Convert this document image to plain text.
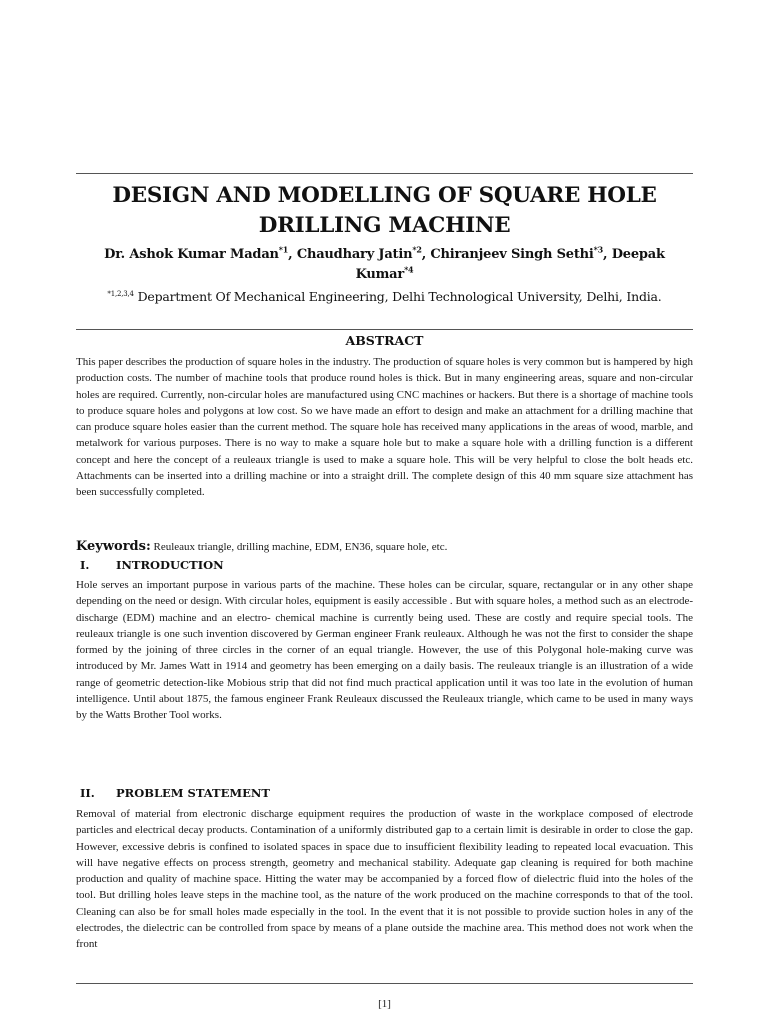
DESIGN AND MODELLING OF SQUARE HOLE DRILLING MACHINE
Dr. Ashok Kumar Madan$^{*1}$, Chaudhary Jatin$^{*2}$, Chiranjeev Singh Sethi$^{*3}$, Deepak Kumar$^{*4}$
$^{*1,2,3,4}$ Department Of Mechanical Engineering, Delhi Technological University, Delhi, India.
ABSTRACT
This paper describes the production of square holes in the industry. The production of square holes is very common but is hampered by high production costs. The number of machine tools that produce round holes is thick. But in many engineering areas, square and non-circular holes are required. Currently, non-circular holes are manufactured using CNC machines or hackers. But there is a shortage of machine tools to produce square holes and polygons at low cost. So we have made an effort to design and make an attachment for a drilling machine that can produce square holes easier than the current method. The square hole has received many applications in the areas of wood, marble, and metalwork for various purposes. There is no way to make a square hole but to make a square hole with a drilling function is a different concept and here the concept of a reuleaux triangle is used to make a square hole. This will be very helpful to close the bolt heads etc. Attachments can be inserted into a drilling machine or into a straight drill. The complete design of this 40 mm square size attachment has been successfully completed.
Keywords: Reuleaux triangle, drilling machine, EDM, EN36, square hole, etc.
I. INTRODUCTION
Hole serves an important purpose in various parts of the machine. These holes can be circular, square, rectangular or in any other shape depending on the need or design. With circular holes, equipment is easily accessible . But with square holes, a method such as an electrode-discharge (EDM) machine and an electro- chemical machine is currently being used. These are costly and require special tools. The reuleaux triangle is one such invention discovered by German engineer Frank reuleaux. Although he was not the first to consider the shape formed by the joining of three circles in the corner of an equal triangle. However, the use of this Polygonal hole-making curve was introduced by Mr. James Watt in 1914 and geometry has been emerging on a daily basis. The reuleaux triangle is an illustration of a wide range of geometric detection-like Mobious strip that did not find much practical application until it was too late in the evolution of human intelligence. Until about 1875, the famous engineer Frank Reuleaux discussed the Reuleaux triangle, which came to be used in many ways by the Watts Brother Tool works.
II. PROBLEM STATEMENT
Removal of material from electronic discharge equipment requires the production of waste in the workplace composed of electrode particles and electrical decay products. Contamination of a uniformly distributed gap to a certain limit is desirable in order to close the gap. However, excessive debris is confined to isolated spaces in space due to insufficient flexibility leading to repeated local evacuation. This will have negative effects on process strength, geometry and mechanical stability. Adequate gap cleaning is required for both machine production and quality of machine space. Hitting the water may be accompanied by a forced flow of dielectric fluid into the holes of the tool. But drilling holes leave steps in the machine tool, as the nature of the work produced on the machine corresponds to that of the tool. Cleaning can also be for small holes made especially in the tool. In the event that it is not possible to provide suction holes in any of the electrodes, the dielectric can be controlled from space by means of a plane outside the machine area. This method does not work when the front
[1]
